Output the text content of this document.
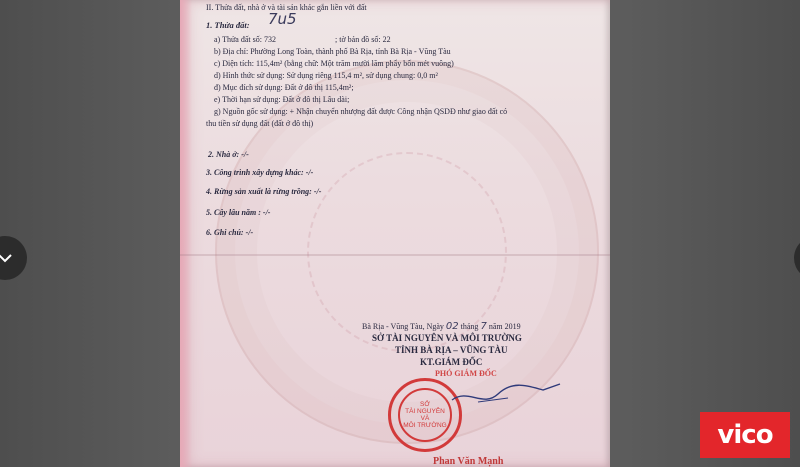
II. Thửa đất, nhà ở và tài sản khác gắn liền với đất
1. Thửa đất: 7u5
a) Thửa đất số: 732	; tờ bản đồ số: 22
b) Địa chỉ: Phường Long Toàn, thành phố Bà Rịa, tỉnh Bà Rịa - Vũng Tàu
c) Diện tích: 115,4m² (bằng chữ: Một trăm mười lăm phẩy bốn mét vuông)
d) Hình thức sử dụng: Sử dụng riêng 115,4 m², sử dụng chung: 0,0 m²
đ) Mục đích sử dụng: Đất ở đô thị 115,4m²;
e) Thời hạn sử dụng: Đất ở đô thị Lâu dài;
g) Nguồn gốc sử dụng: + Nhận chuyển nhượng đất được Công nhận QSDĐ như giao đất có
thu tiền sử dụng đất (đất ở đô thị)
2. Nhà ở: -/-
3. Công trình xây dựng khác: -/-
4. Rừng sản xuất là rừng trồng: -/-
5. Cây lâu năm : -/-
6. Ghi chú: -/-
Bà Rịa - Vũng Tàu, Ngày 02 tháng 7 năm 2019
SỞ TÀI NGUYÊN VÀ MÔI TRƯỜNG
TỈNH BÀ RỊA – VŨNG TÀU
KT.GIÁM ĐỐC
PHÓ GIÁM ĐỐC
SỞ
TÀI NGUYÊN
VÀ
MÔI TRƯỜNG
Phan Văn Mạnh
vico
